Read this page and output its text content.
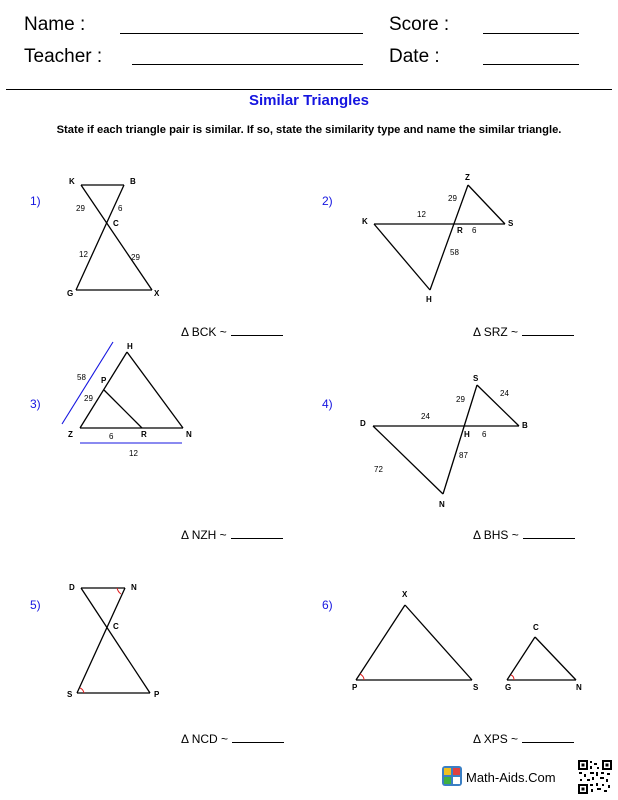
Name :	Score :
Teacher :	Date :
Similar Triangles
State if each triangle pair is similar. If so, state the similarity type and name the similar triangle.
1)	2)
3)	4)
5)	6)
Δ BCK ~	Δ SRZ ~
Δ NZH ~	Δ BHS ~
Δ NCD ~	Δ XPS ~
K	B
C
G	X
29	6
12	29
Z
K
R
S
H
29
12
6
58
H
P
Z	R	N
58
29
6
12
S
D
H
B
N
24
29
24
6
87
72
D	N
C
S	P
X
P	S
C
G	N
Math-Aids.Com
